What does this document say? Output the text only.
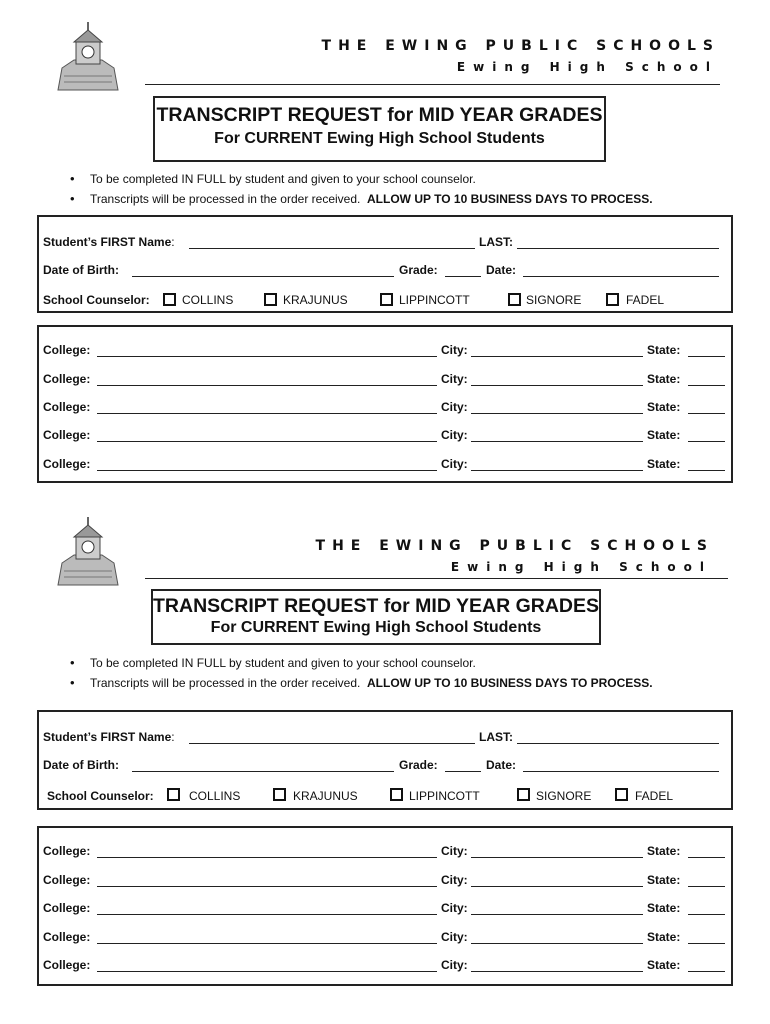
THE EWING PUBLIC SCHOOLS
Ewing High School
TRANSCRIPT REQUEST for MID YEAR GRADES
For CURRENT Ewing High School Students
• To be completed IN FULL by student and given to your school counselor.
• Transcripts will be processed in the order received. ALLOW UP TO 10 BUSINESS DAYS TO PROCESS.
Student’s FIRST Name:	LAST:
Date of Birth:	Grade:	Date:
School Counselor:	COLLINS	KRAJUNUS	LIPPINCOTT	SIGNORE	FADEL
College:	City:	State:
College:	City:	State:
College:	City:	State:
College:	City:	State:
College:	City:	State:
THE EWING PUBLIC SCHOOLS
Ewing High School
TRANSCRIPT REQUEST for MID YEAR GRADES
For CURRENT Ewing High School Students
• To be completed IN FULL by student and given to your school counselor.
• Transcripts will be processed in the order received. ALLOW UP TO 10 BUSINESS DAYS TO PROCESS.
Student’s FIRST Name:	LAST:
Date of Birth:	Grade:	Date:
School Counselor:	COLLINS	KRAJUNUS	LIPPINCOTT	SIGNORE	FADEL
College:	City:	State:
College:	City:	State:
College:	City:	State:
College:	City:	State:
College:	City:	State:
